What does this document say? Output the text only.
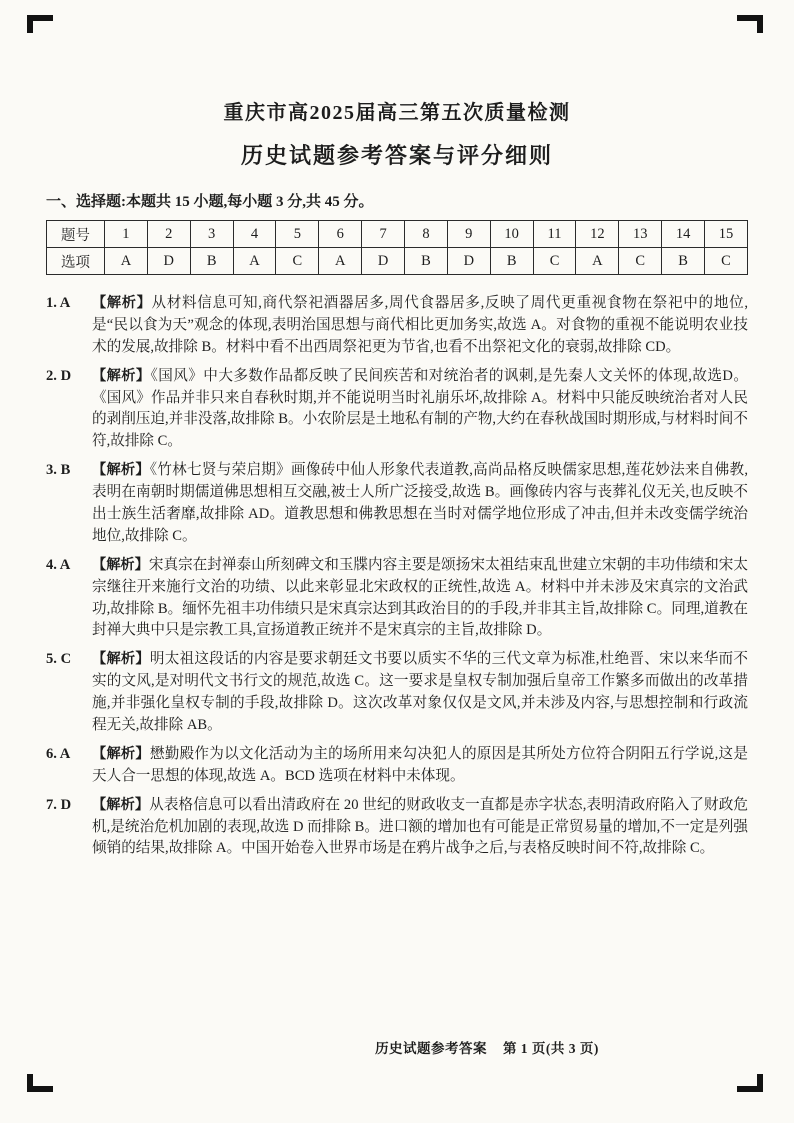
重庆市高2025届高三第五次质量检测
历史试题参考答案与评分细则
一、选择题:本题共 15 小题,每小题 3 分,共 45 分。
题号	1	2	3	4	5	6	7	8	9	10	11	12	13	14	15
选项	A	D	B	A	C	A	D	B	D	B	C	A	C	B	C
1. A	【解析】从材料信息可知,商代祭祀酒器居多,周代食器居多,反映了周代更重视食物在祭祀中的地位,是“民以食为天”观念的体现,表明治国思想与商代相比更加务实,故选 A。对食物的重视不能说明农业技术的发展,故排除 B。材料中看不出西周祭祀更为节省,也看不出祭祀文化的衰弱,故排除 CD。
2. D	【解析】《国风》中大多数作品都反映了民间疾苦和对统治者的讽刺,是先秦人文关怀的体现,故选D。《国风》作品并非只来自春秋时期,并不能说明当时礼崩乐坏,故排除 A。材料中只能反映统治者对人民的剥削压迫,并非没落,故排除 B。小农阶层是土地私有制的产物,大约在春秋战国时期形成,与材料时间不符,故排除 C。
3. B	【解析】《竹林七贤与荣启期》画像砖中仙人形象代表道教,高尚品格反映儒家思想,莲花妙法来自佛教,表明在南朝时期儒道佛思想相互交融,被士人所广泛接受,故选 B。画像砖内容与丧葬礼仪无关,也反映不出士族生活奢靡,故排除 AD。道教思想和佛教思想在当时对儒学地位形成了冲击,但并未改变儒学统治地位,故排除 C。
4. A	【解析】宋真宗在封禅泰山所刻碑文和玉牒内容主要是颂扬宋太祖结束乱世建立宋朝的丰功伟绩和宋太宗继往开来施行文治的功绩、以此来彰显北宋政权的正统性,故选 A。材料中并未涉及宋真宗的文治武功,故排除 B。缅怀先祖丰功伟绩只是宋真宗达到其政治目的的手段,并非其主旨,故排除 C。同理,道教在封禅大典中只是宗教工具,宣扬道教正统并不是宋真宗的主旨,故排除 D。
5. C	【解析】明太祖这段话的内容是要求朝廷文书要以质实不华的三代文章为标准,杜绝晋、宋以来华而不实的文风,是对明代文书行文的规范,故选 C。这一要求是皇权专制加强后皇帝工作繁多而做出的改革措施,并非强化皇权专制的手段,故排除 D。这次改革对象仅仅是文风,并未涉及内容,与思想控制和行政流程无关,故排除 AB。
6. A	【解析】懋勤殿作为以文化活动为主的场所用来勾决犯人的原因是其所处方位符合阴阳五行学说,这是天人合一思想的体现,故选 A。BCD 选项在材料中未体现。
7. D	【解析】从表格信息可以看出清政府在 20 世纪的财政收支一直都是赤字状态,表明清政府陷入了财政危机,是统治危机加剧的表现,故选 D 而排除 B。进口额的增加也有可能是正常贸易量的增加,不一定是列强倾销的结果,故排除 A。中国开始卷入世界市场是在鸦片战争之后,与表格反映时间不符,故排除 C。
历史试题参考答案 第 1 页(共 3 页)
